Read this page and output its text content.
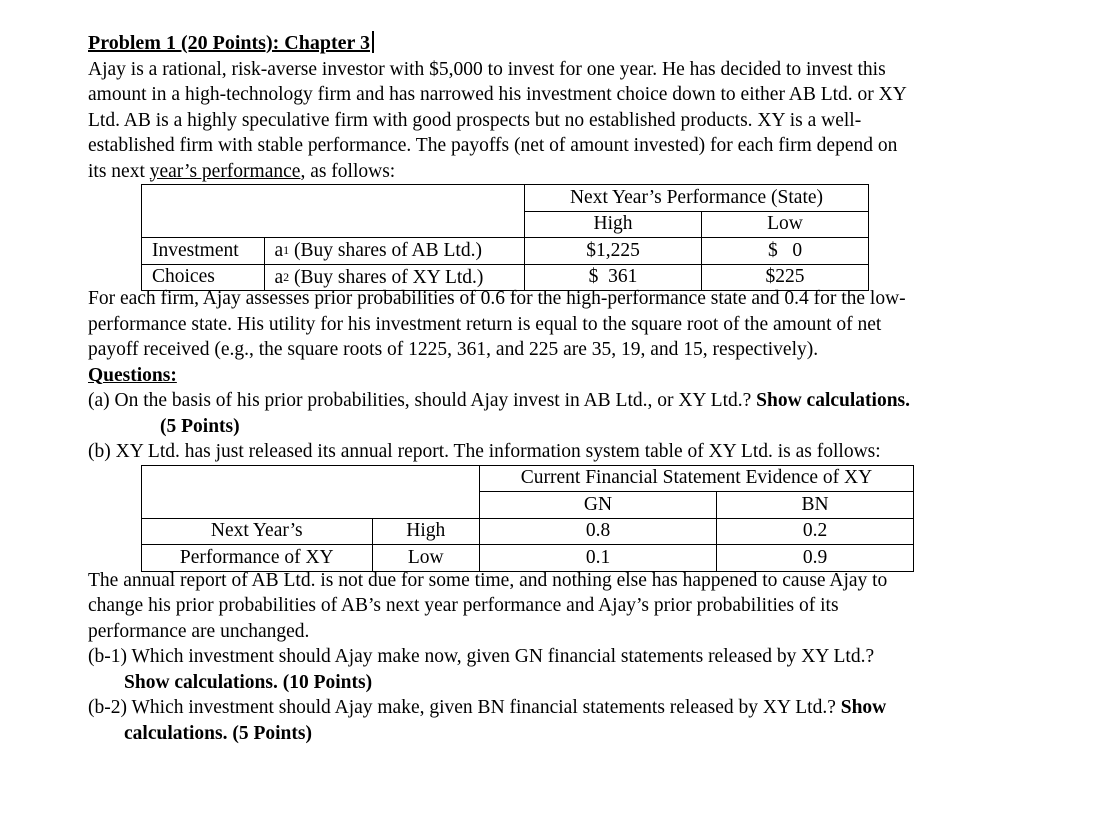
Problem 1 (20 Points): Chapter 3
Ajay is a rational, risk-averse investor with $5,000 to invest for one year. He has decided to invest this
amount in a high-technology firm and has narrowed his investment choice down to either AB Ltd. or XY
Ltd. AB is a highly speculative firm with good prospects but no established products. XY is a well-
established firm with stable performance. The payoffs (net of amount invested) for each firm depend on
its next year’s performance, as follows:
		Next Year’s Performance (State)	
		High	Low
Investment	$a_1$ (Buy shares of AB Ltd.)	$1,225	$   0
Choices	$a_2$ (Buy shares of XY Ltd.)	$  361	$225
For each firm, Ajay assesses prior probabilities of 0.6 for the high-performance state and 0.4 for the low-
performance state. His utility for his investment return is equal to the square root of the amount of net
payoff received (e.g., the square roots of 1225, 361, and 225 are 35, 19, and 15, respectively).
Questions:
(a) On the basis of his prior probabilities, should Ajay invest in AB Ltd., or XY Ltd.? Show calculations.
(5 Points)
(b) XY Ltd. has just released its annual report. The information system table of XY Ltd. is as follows:
		Current Financial Statement Evidence of XY	
		GN	BN
Next Year’s	High	0.8	0.2
Performance of XY	Low	0.1	0.9
The annual report of AB Ltd. is not due for some time, and nothing else has happened to cause Ajay to
change his prior probabilities of AB’s next year performance and Ajay’s prior probabilities of its
performance are unchanged.
(b-1) Which investment should Ajay make now, given GN financial statements released by XY Ltd.?
Show calculations. (10 Points)
(b-2) Which investment should Ajay make, given BN financial statements released by XY Ltd.? Show
calculations. (5 Points)
